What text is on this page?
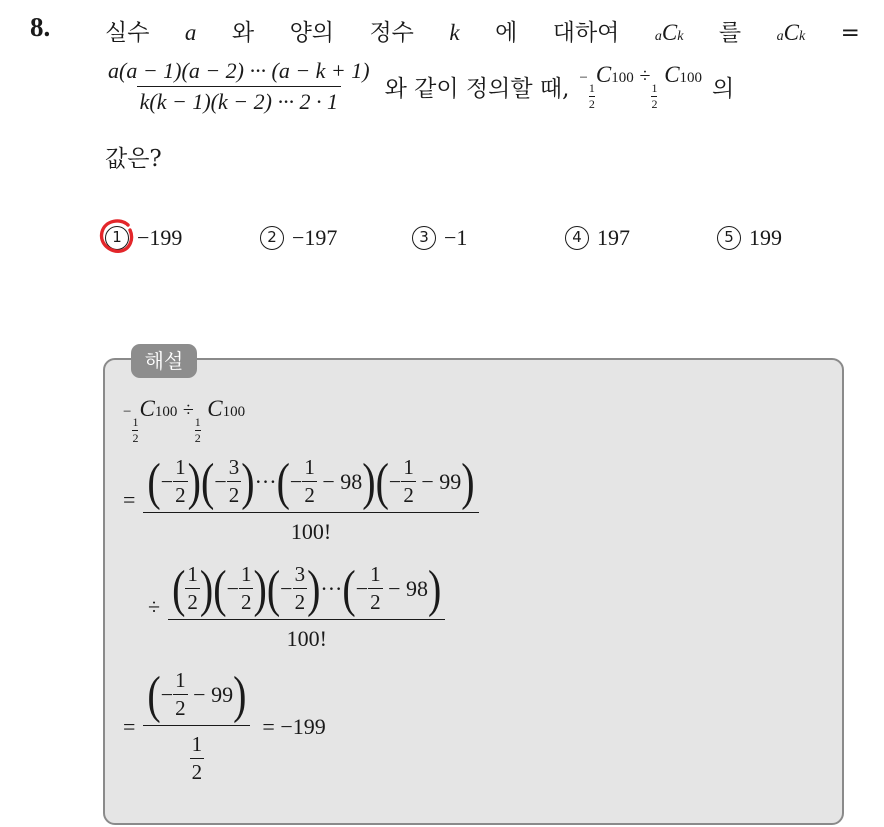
8. 실수 a 와 양의 정수 k 에 대하여	aCk 를	aCk =
$\frac{a(a - 1)(a - 2) \cdot\cdot\cdot (a - k + 1)}{k(k - 1)(k - 2) \cdot\cdot\cdot 2 \cdot 1}$ 와 같이 정의할 때, −
$\frac{1}{2}$
C100 ÷
$\frac{1}{2}$
C100 의
값은?
1 −199	2 −197	3 −1	4 197	5 199
해설
−
$\frac{1}{2}$
C100 ÷
$\frac{1}{2}$
C100
= ( − $\frac{1}{2}$ ) ( − $\frac{3}{2}$ ) ··· ( − $\frac{1}{2}$
− 98 ) ( − $\frac{1}{2}$
− 99 )
100!
÷ ( 1
2 ) ( − $\frac{1}{2}$ ) ( − $\frac{3}{2}$ ) ··· ( − $\frac{1}{2}$
− 98 )
100!
= ( − $\frac{1}{2}$
− 99 )
$\frac{1}{2} = -199$
